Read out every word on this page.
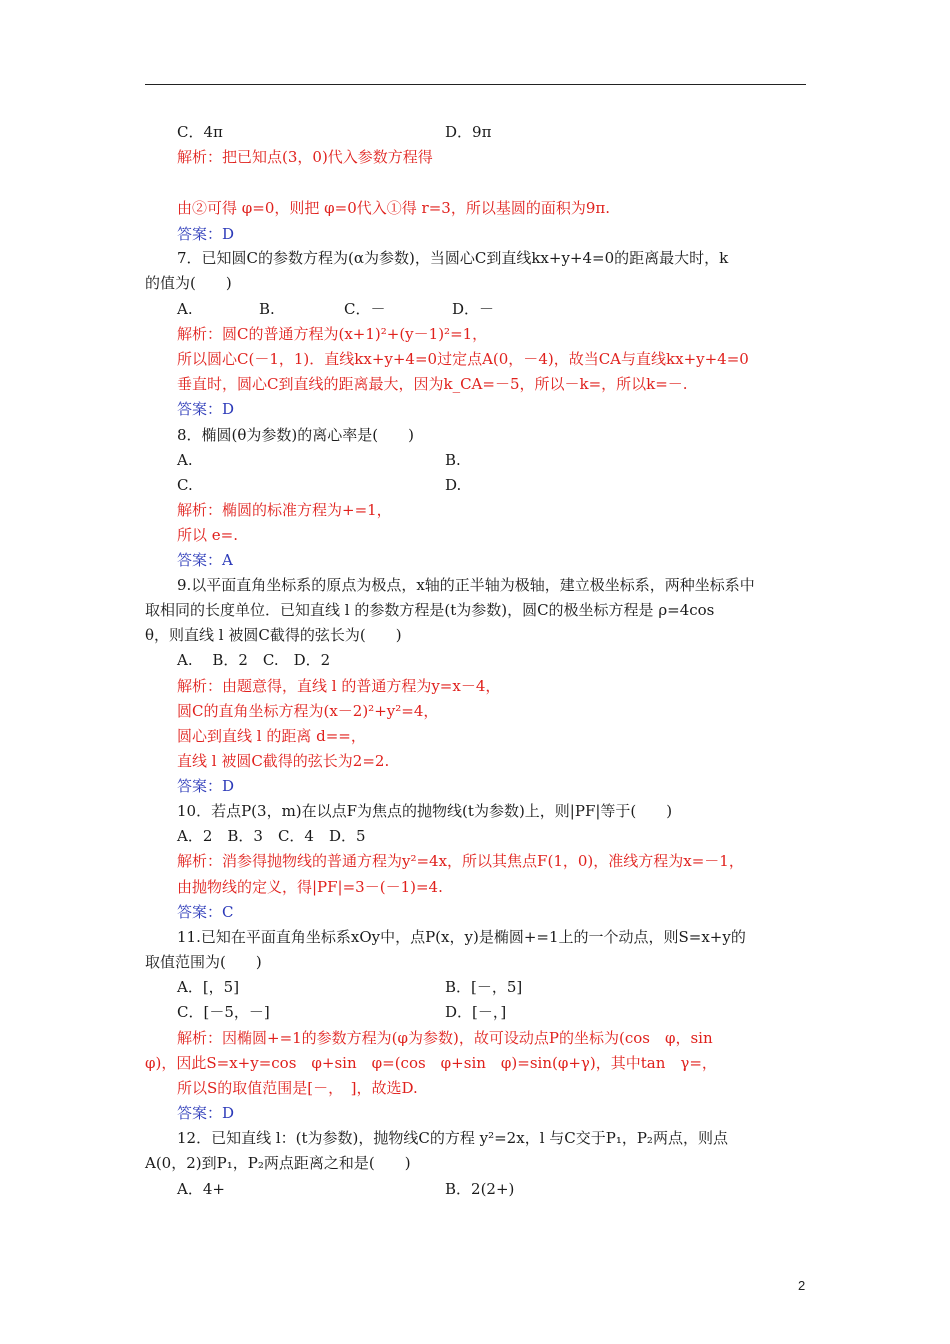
C．4π	D．9π
解析：把已知点(3，0)代入参数方程得
由②可得 φ=0，则把 φ=0代入①得 r=3，所以基圆的面积为9π.
答案：D
7．已知圆C的参数方程为(α为参数)，当圆心C到直线kx+y+4=0的距离最大时，k
的值为(　　)
A.	B.	C．－	D．－
解析：圆C的普通方程为(x+1)²+(y－1)²=1，
所以圆心C(－1，1)．直线kx+y+4=0过定点A(0，－4)，故当CA与直线kx+y+4=0
垂直时，圆心C到直线的距离最大，因为k_CA=－5，所以－k=，所以k=－.
答案：D
8．椭圆(θ为参数)的离心率是(　　)
A.	B.
C.	D.
解析：椭圆的标准方程为+=1，
所以 e=.
答案：A
9.以平面直角坐标系的原点为极点，x轴的正半轴为极轴，建立极坐标系，两种坐标系中
取相同的长度单位．已知直线 l 的参数方程是(t为参数)，圆C的极坐标方程是 ρ=4cos
θ，则直线 l 被圆C截得的弦长为(　　)
A.　 B．2　C.　D．2
解析：由题意得，直线 l 的普通方程为y=x－4，
圆C的直角坐标方程为(x－2)²+y²=4，
圆心到直线 l 的距离 d==，
直线 l 被圆C截得的弦长为2=2.
答案：D
10．若点P(3，m)在以点F为焦点的抛物线(t为参数)上，则|PF|等于(　　)
A．2　B．3　C．4　D．5
解析：消参得抛物线的普通方程为y²=4x，所以其焦点F(1，0)，准线方程为x=－1，
由抛物线的定义，得|PF|=3－(－1)=4.
答案：C
11.已知在平面直角坐标系xOy中，点P(x，y)是椭圆+=1上的一个动点，则S=x+y的
取值范围为(　　)
A．[，5]	B．[－，5]
C．[－5，－]	D．[－，]
解析：因椭圆+=1的参数方程为(φ为参数)，故可设动点P的坐标为(cos　φ，sin
φ)，因此S=x+y=cos　φ+sin　φ=(cos　φ+sin　φ)=sin(φ+γ)，其中tan　γ=，
所以S的取值范围是[－，　]，故选D.
答案：D
12．已知直线 l：(t为参数)，抛物线C的方程 y²=2x，l 与C交于P₁，P₂两点，则点
A(0，2)到P₁，P₂两点距离之和是(　　)
A．4+	B．2(2+)
2
